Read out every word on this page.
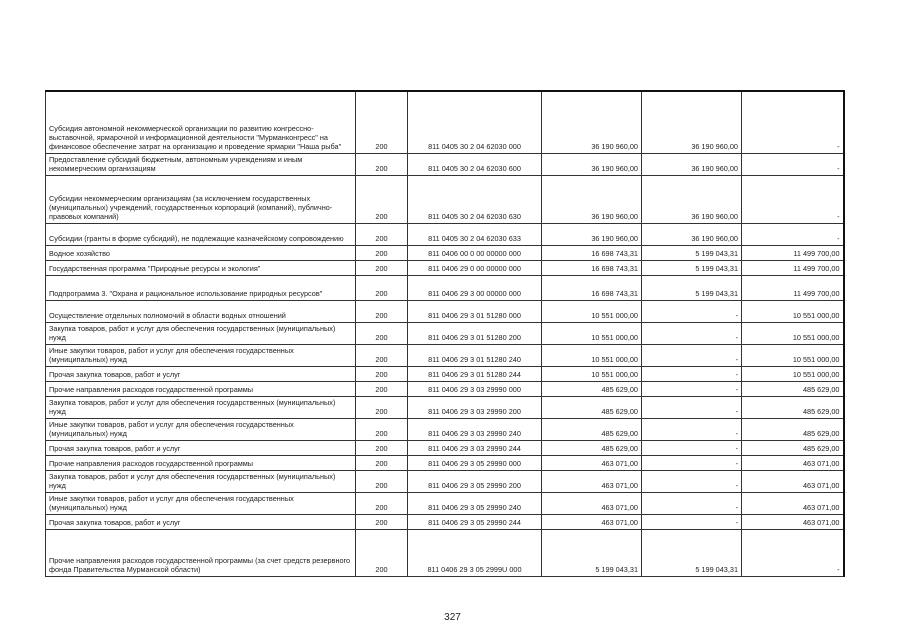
Субсидия автономной некоммерческой организации по развитию конгрессно-выставочной, ярмарочной и информационной деятельности "Мурманконгресс" на финансовое обеспечение затрат на организацию и проведение ярмарки "Наша рыба"	200	811 0405 30 2 04 62030 000	36 190 960,00	36 190 960,00	-
Предоставление субсидий бюджетным, автономным учреждениям и иным некоммерческим организациям	200	811 0405 30 2 04 62030 600	36 190 960,00	36 190 960,00	-
Субсидии некоммерческим организациям (за исключением государственных (муниципальных) учреждений, государственных корпораций (компаний), публично-правовых компаний)	200	811 0405 30 2 04 62030 630	36 190 960,00	36 190 960,00	-
Субсидии (гранты в форме субсидий), не подлежащие казначейскому сопровождению	200	811 0405 30 2 04 62030 633	36 190 960,00	36 190 960,00	-
Водное хозяйство	200	811 0406 00 0 00 00000 000	16 698 743,31	5 199 043,31	11 499 700,00
Государственная программа "Природные ресурсы и экология"	200	811 0406 29 0 00 00000 000	16 698 743,31	5 199 043,31	11 499 700,00
Подпрограмма 3. "Охрана и рациональное использование природных ресурсов"	200	811 0406 29 3 00 00000 000	16 698 743,31	5 199 043,31	11 499 700,00
Осуществление отдельных полномочий в области водных отношений	200	811 0406 29 3 01 51280 000	10 551 000,00	-	10 551 000,00
Закупка товаров, работ и услуг для обеспечения государственных (муниципальных) нужд	200	811 0406 29 3 01 51280 200	10 551 000,00	-	10 551 000,00
Иные закупки товаров, работ и услуг для обеспечения государственных (муниципальных) нужд	200	811 0406 29 3 01 51280 240	10 551 000,00	-	10 551 000,00
Прочая закупка товаров, работ и услуг	200	811 0406 29 3 01 51280 244	10 551 000,00	-	10 551 000,00
Прочие направления расходов государственной программы	200	811 0406 29 3 03 29990 000	485 629,00	-	485 629,00
Закупка товаров, работ и услуг для обеспечения государственных (муниципальных) нужд	200	811 0406 29 3 03 29990 200	485 629,00	-	485 629,00
Иные закупки товаров, работ и услуг для обеспечения государственных (муниципальных) нужд	200	811 0406 29 3 03 29990 240	485 629,00	-	485 629,00
Прочая закупка товаров, работ и услуг	200	811 0406 29 3 03 29990 244	485 629,00	-	485 629,00
Прочие направления расходов государственной программы	200	811 0406 29 3 05 29990 000	463 071,00	-	463 071,00
Закупка товаров, работ и услуг для обеспечения государственных (муниципальных) нужд	200	811 0406 29 3 05 29990 200	463 071,00	-	463 071,00
Иные закупки товаров, работ и услуг для обеспечения государственных (муниципальных) нужд	200	811 0406 29 3 05 29990 240	463 071,00	-	463 071,00
Прочая закупка товаров, работ и услуг	200	811 0406 29 3 05 29990 244	463 071,00	-	463 071,00
Прочие направления расходов государственной программы (за счет средств резервного фонда Правительства Мурманской области)	200	811 0406 29 3 05 2999U 000	5 199 043,31	5 199 043,31	-
327
